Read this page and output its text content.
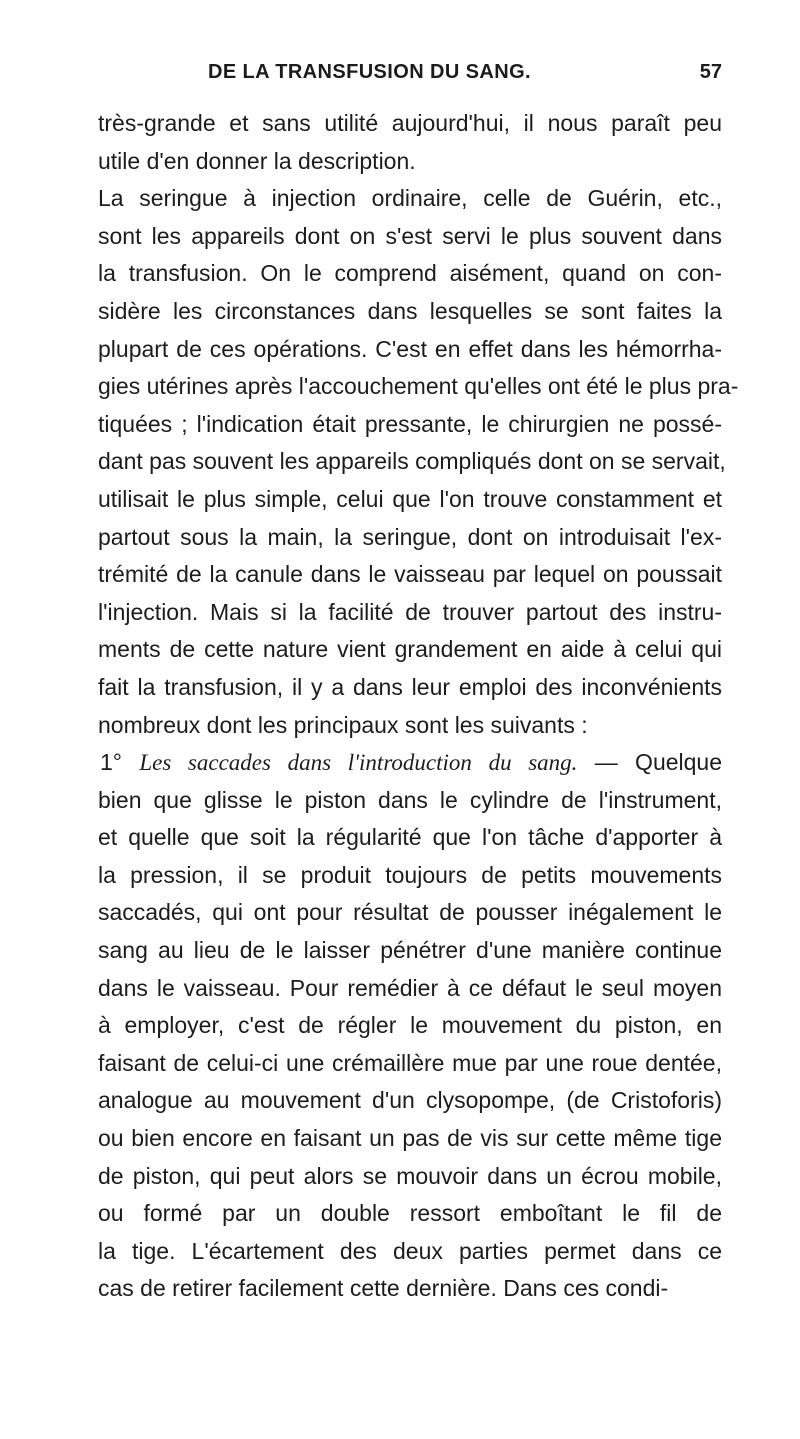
DE LA TRANSFUSION DU SANG.	57
très-grande et sans utilité aujourd'hui, il nous paraît peu
utile d'en donner la description.
La seringue à injection ordinaire, celle de Guérin, etc.,
sont les appareils dont on s'est servi le plus souvent dans
la transfusion. On le comprend aisément, quand on con-
sidère les circonstances dans lesquelles se sont faites la
plupart de ces opérations. C'est en effet dans les hémorrha-
gies utérines après l'accouchement qu'elles ont été le plus pra-
tiquées ; l'indication était pressante, le chirurgien ne possé-
dant pas souvent les appareils compliqués dont on se servait,
utilisait le plus simple, celui que l'on trouve constamment et
partout sous la main, la seringue, dont on introduisait l'ex-
trémité de la canule dans le vaisseau par lequel on poussait
l'injection. Mais si la facilité de trouver partout des instru-
ments de cette nature vient grandement en aide à celui qui
fait la transfusion, il y a dans leur emploi des inconvénients
nombreux dont les principaux sont les suivants :
1° Les saccades dans l'introduction du sang. — Quelque
bien que glisse le piston dans le cylindre de l'instrument,
et quelle que soit la régularité que l'on tâche d'apporter à
la pression, il se produit toujours de petits mouvements
saccadés, qui ont pour résultat de pousser inégalement le
sang au lieu de le laisser pénétrer d'une manière continue
dans le vaisseau. Pour remédier à ce défaut le seul moyen
à employer, c'est de régler le mouvement du piston, en
faisant de celui-ci une crémaillère mue par une roue dentée,
analogue au mouvement d'un clysopompe, (de Cristoforis)
ou bien encore en faisant un pas de vis sur cette même tige
de piston, qui peut alors se mouvoir dans un écrou mobile,
ou formé par un double ressort emboîtant le fil de
la tige. L'écartement des deux parties permet dans ce
cas de retirer facilement cette dernière. Dans ces condi-
